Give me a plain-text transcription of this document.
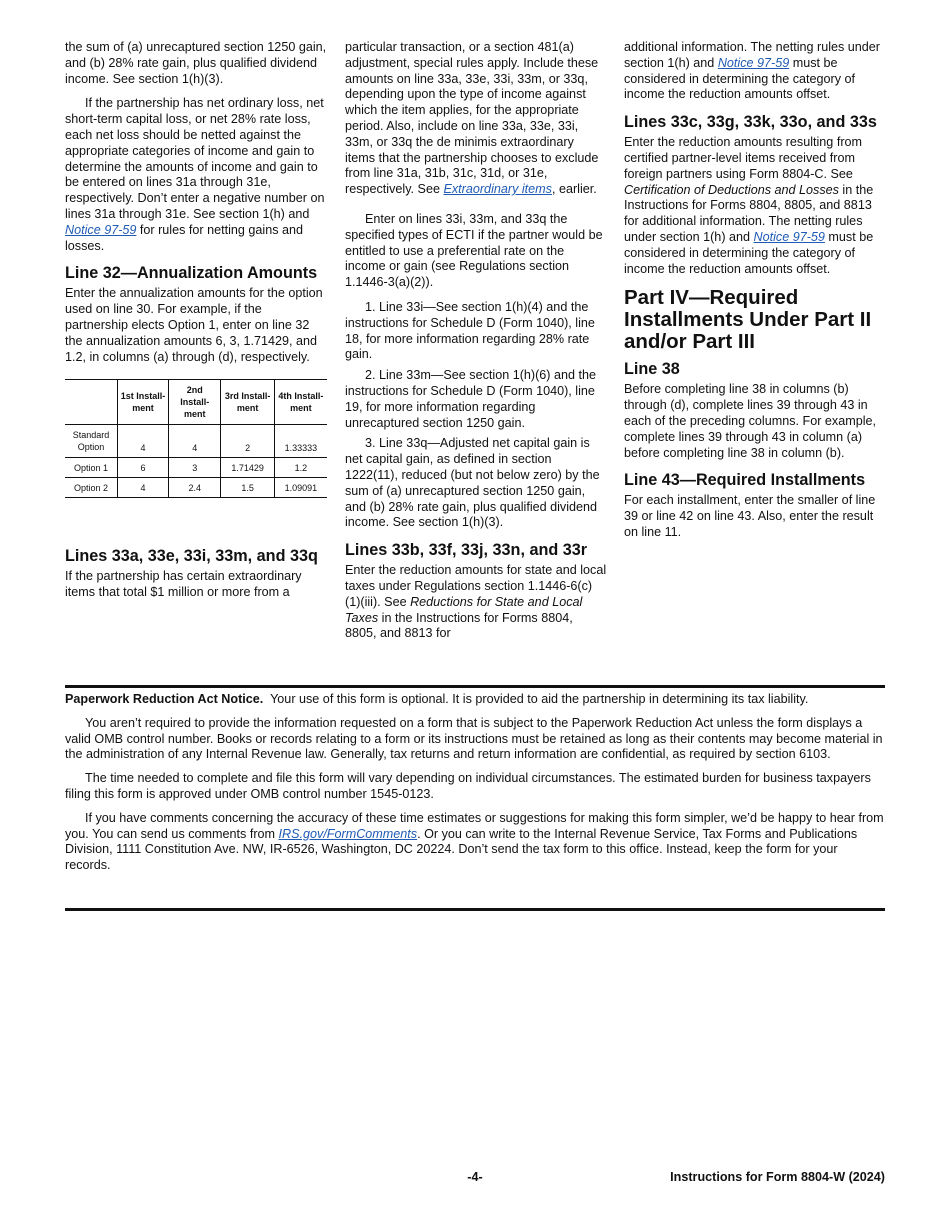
the sum of (a) unrecaptured section 1250 gain, and (b) 28% rate gain, plus qualified dividend income. See section 1(h)(3).

If the partnership has net ordinary loss, net short-term capital loss, or net 28% rate loss, each net loss should be netted against the appropriate categories of income and gain to determine the amounts of income and gain to be entered on lines 31a through 31e, respectively. Don’t enter a negative number on lines 31a through 31e. See section 1(h) and Notice 97-59 for rules for netting gains and losses.

Line 32—Annualization Amounts

Enter the annualization amounts for the option used on line 30. For example, if the partnership elects Option 1, enter on line 32 the annualization amounts 6, 3, 1.71429, and 1.2, in columns (a) through (d), respectively.

	1st Install-ment	2nd Install-ment	3rd Install-ment	4th Install-ment
Standard Option	4	4	2	1.33333
Option 1	6	3	1.71429	1.2
Option 2	4	2.4	1.5	1.09091
Lines 33a, 33e, 33i, 33m, and 33q

If the partnership has certain extraordinary items that total $1 million or more from a

particular transaction, or a section 481(a) adjustment, special rules apply. Include these amounts on line 33a, 33e, 33i, 33m, or 33q, depending upon the type of income against which the item applies, for the appropriate period. Also, include on line 33a, 33e, 33i, 33m, or 33q the de minimis extraordinary items that the partnership chooses to exclude from line 31a, 31b, 31c, 31d, or 31e, respectively. See Extraordinary items, earlier.

Enter on lines 33i, 33m, and 33q the specified types of ECTI if the partner would be entitled to use a preferential rate on the income or gain (see Regulations section 1.1446-3(a)(2)).

1. Line 33i—See section 1(h)(4) and the instructions for Schedule D (Form 1040), line 18, for more information regarding 28% rate gain.

2. Line 33m—See section 1(h)(6) and the instructions for Schedule D (Form 1040), line 19, for more information regarding unrecaptured section 1250 gain.

3. Line 33q—Adjusted net capital gain is net capital gain, as defined in section 1222(11), reduced (but not below zero) by the sum of (a) unrecaptured section 1250 gain, and (b) 28% rate gain, plus qualified dividend income. See section 1(h)(3).

Lines 33b, 33f, 33j, 33n, and 33r

Enter the reduction amounts for state and local taxes under Regulations section 1.1446-6(c)(1)(iii). See Reductions for State and Local Taxes in the Instructions for Forms 8804, 8805, and 8813 for

additional information. The netting rules under section 1(h) and Notice 97-59 must be considered in determining the category of income the reduction amounts offset.

Lines 33c, 33g, 33k, 33o, and 33s

Enter the reduction amounts resulting from certified partner-level items received from foreign partners using Form 8804-C. See Certification of Deductions and Losses in the Instructions for Forms 8804, 8805, and 8813 for additional information. The netting rules under section 1(h) and Notice 97-59 must be considered in determining the category of income the reduction amounts offset.

Part IV—Required Installments Under Part II and/or Part III
Line 38

Before completing line 38 in columns (b) through (d), complete lines 39 through 43 in each of the preceding columns. For example, complete lines 39 through 43 in column (a) before completing line 38 in column (b).

Line 43—Required Installments

For each installment, enter the smaller of line 39 or line 42 on line 43. Also, enter the result on line 11.

Paperwork Reduction Act Notice. Your use of this form is optional. It is provided to aid the partnership in determining its tax liability.

You aren’t required to provide the information requested on a form that is subject to the Paperwork Reduction Act unless the form displays a valid OMB control number. Books or records relating to a form or its instructions must be retained as long as their contents may become material in the administration of any Internal Revenue law. Generally, tax returns and return information are confidential, as required by section 6103.

The time needed to complete and file this form will vary depending on individual circumstances. The estimated burden for business taxpayers filing this form is approved under OMB control number 1545-0123.

If you have comments concerning the accuracy of these time estimates or suggestions for making this form simpler, we’d be happy to hear from you. You can send us comments from IRS.gov/FormComments. Or you can write to the Internal Revenue Service, Tax Forms and Publications Division, 1111 Constitution Ave. NW, IR-6526, Washington, DC 20224. Don’t send the tax form to this office. Instead, keep the form for your records.

-4-	Instructions for Form 8804-W (2024)
